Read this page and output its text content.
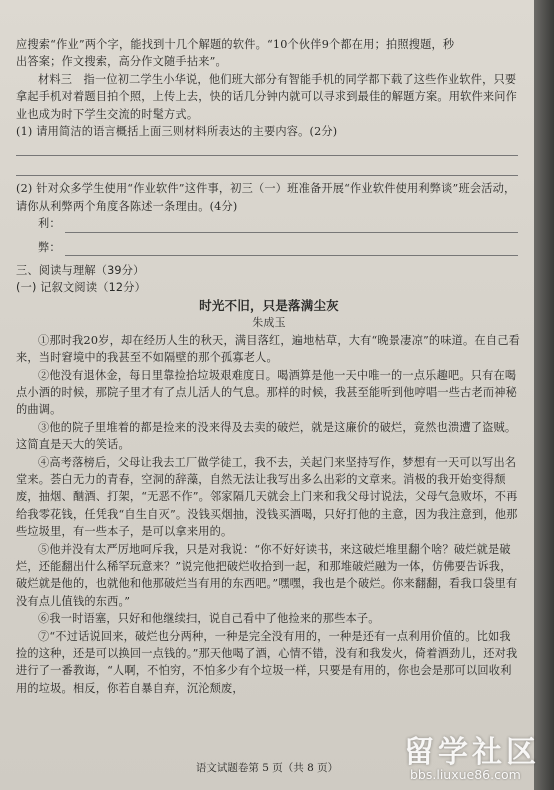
应搜索“作业”两个字，能找到十几个解题的软件。“10个伙伴9个都在用；拍照搜题，秒

出答案；作文搜索，高分作文随手拈来”。

材料三　指一位初二学生小华说，他们班大部分有智能手机的同学都下载了这些作业软件，只要拿起手机对着题目拍个照，上传上去，快的话几分钟内就可以寻求到最佳的解题方案。用软件来问作业也成为时下学生交流的时髦方式。

(1) 请用简洁的语言概括上面三则材料所表达的主要内容。(2分)

(2) 针对众多学生使用“作业软件”这件事，初三（一）班准备开展“作业软件使用利弊谈”班会活动，请你从利弊两个角度各陈述一条理由。(4分)

利：
弊：

三、阅读与理解（39分）

(一) 记叙文阅读（12分）

时光不旧，只是落满尘灰

朱成玉

①那时我20岁，却在经历人生的秋天，满目落红，遍地枯草，大有“晚景凄凉”的味道。在自己看来，当时窘境中的我甚至不如隔壁的那个孤寡老人。

②他没有退休金，每日里靠捡拾垃圾艰难度日。喝酒算是他一天中唯一的一点乐趣吧。只有在喝点小酒的时候，那院子里才有了点儿活人的气息。那样的时候，我甚至能听到他哼唱一些古老而神秘的曲调。

③他的院子里堆着的都是捡来的没来得及去卖的破烂，就是这廉价的破烂，竟然也溃遭了盗贼。这简直是天大的笑话。

④高考落榜后，父母让我去工厂做学徒工，我不去，关起门来坚持写作，梦想有一天可以写出名堂来。荟白无力的青春，空洞的辞藻，自然无法让我写出多么出彩的文章来。消极的我开始变得颓废，抽烟、酗酒、打架，“无恶不作”。邻家隔几天就会上门来和我父母讨说法，父母气急败坏，不再给我零花钱，任凭我“自生自灭”。没钱买烟抽，没钱买酒喝，只好打他的主意，因为我注意到，他那些垃圾里，有一些本子，是可以拿来用的。

⑤他并没有太严厉地呵斥我，只是对我说：“你不好好读书，来这破烂堆里翻个啥？破烂就是破烂，还能翻出什么稀罕玩意来？”说完他把破烂收拾到一起，和那堆破烂融为一体，仿佛要告诉我，破烂就是他的，也就他和他那破烂当有用的东西吧。”嘿嘿，我也是个破烂。你来翻翻，看我口袋里有没有点儿值钱的东西。”

⑥我一时语塞，只好和他继续扫，说自己看中了他捡来的那些本子。

⑦“不过话说回来，破烂也分两种，一种是完全没有用的，一种是还有一点利用价值的。比如我捡的这种，还是可以换回一点钱的。”那天他喝了酒，心情不错，没有和我发火，倚着酒劲儿，还对我进行了一番教诲，“人啊，不怕穷，不怕多少有个垃圾一样，只要是有用的，你也会是那可以回收利用的垃圾。相反，你若自暴自弃，沉沦颓废，

语文试题卷第 5 页（共 8 页）	留学社区
bbs.liuxue86.com
